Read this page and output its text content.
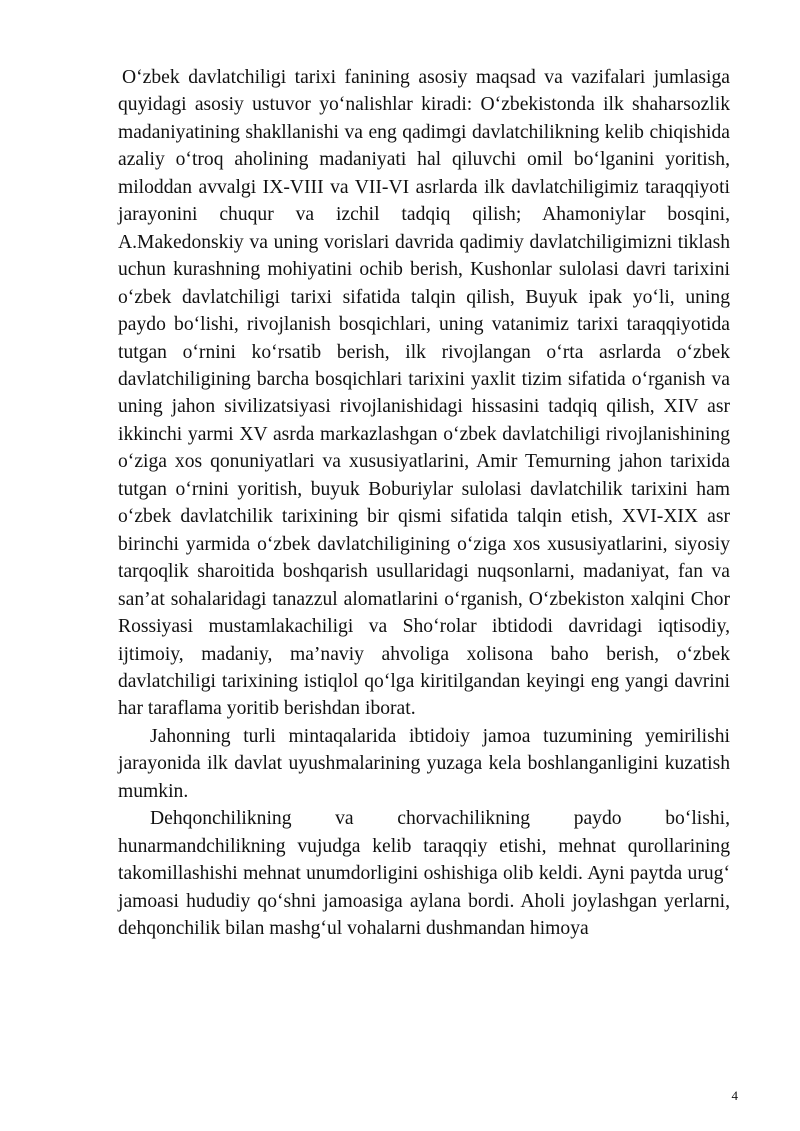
O‘zbek davlatchiligi tarixi fanining asosiy maqsad va vazifalari jumlasiga quyidagi asosiy ustuvor yo‘nalishlar kiradi: O‘zbekistonda ilk shaharsozlik madaniyatining shakllanishi va eng qadimgi davlatchilikning kelib chiqishida azaliy o‘troq aholining madaniyati hal qiluvchi omil bo‘lganini yoritish, miloddan avvalgi IX-VIII va VII-VI asrlarda ilk davlatchiligimiz taraqqiyoti jarayonini chuqur va izchil tadqiq qilish; Ahamoniylar bosqini, A.Makedonskiy va uning vorislari davrida qadimiy davlatchiligimizni tiklash uchun kurashning mohiyatini ochib berish, Kushonlar sulolasi davri tarixini o‘zbek davlatchiligi tarixi sifatida talqin qilish, Buyuk ipak yo‘li, uning paydo bo‘lishi, rivojlanish bosqichlari, uning vatanimiz tarixi taraqqiyotida tutgan o‘rnini ko‘rsatib berish, ilk rivojlangan o‘rta asrlarda o‘zbek davlatchiligining barcha bosqichlari tarixini yaxlit tizim sifatida o‘rganish va uning jahon sivilizatsiyasi rivojlanishidagi hissasini tadqiq qilish, XIV asr ikkinchi yarmi XV asrda markazlashgan o‘zbek davlatchiligi rivojlanishining o‘ziga xos qonuniyatlari va xususiyatlarini, Amir Temurning jahon tarixida tutgan o‘rnini yoritish, buyuk Boburiylar sulolasi davlatchilik tarixini ham o‘zbek davlatchilik tarixining bir qismi sifatida talqin etish, XVI-XIX asr birinchi yarmida o‘zbek davlatchiligining o‘ziga xos xususiyatlarini, siyosiy tarqoqlik sharoitida boshqarish usullaridagi nuqsonlarni, madaniyat, fan va san’at sohalaridagi tanazzul alomatlarini o‘rganish, O‘zbekiston xalqini Chor Rossiyasi mustamlakachiligi va Sho‘rolar ibtidodi davridagi iqtisodiy, ijtimoiy, madaniy, ma’naviy ahvoliga xolisona baho berish, o‘zbek davlatchiligi tarixining istiqlol qo‘lga kiritilgandan keyingi eng yangi davrini har taraflama yoritib berishdan iborat.

Jahonning turli mintaqalarida ibtidoiy jamoa tuzumining yemirilishi jarayonida ilk davlat uyushmalarining yuzaga kela boshlanganligini kuzatish mumkin.

Dehqonchilikning va chorvachilikning paydo bo‘lishi, hunarmandchilikning vujudga kelib taraqqiy etishi, mehnat qurollarining takomillashishi mehnat unumdorligini oshishiga olib keldi. Ayni paytda urug‘ jamoasi hududiy qo‘shni jamoasiga aylana bordi. Aholi joylashgan yerlarni, dehqonchilik bilan mashg‘ul vohalarni dushmandan himoya

4
